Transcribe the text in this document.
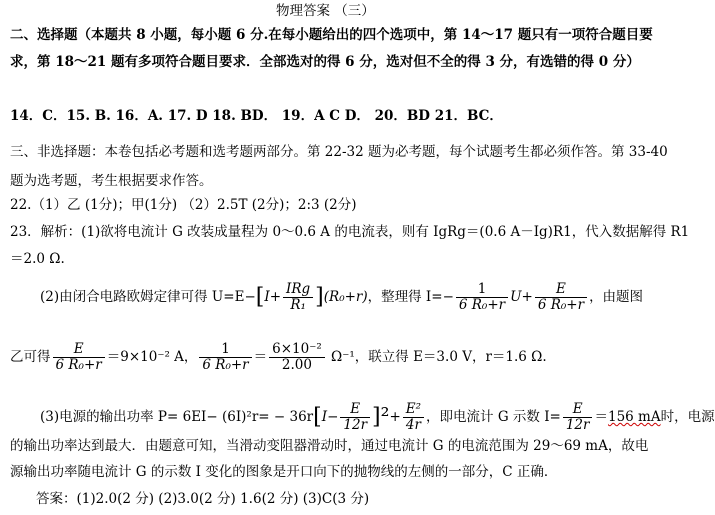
物理答案 （三）
二、选择题（本题共 8 小题，每小题 6 分.在每小题给出的四个选项中，第 14～17 题只有一项符合题目要
求，第 18～21 题有多项符合题目要求．全部选对的得 6 分，选对但不全的得 3 分，有选错的得 0 分）
14．C．15. B. 16．A. 17. D 18. BD． 19．A C D． 20．BD 21．BC．
三、非选择题：本卷包括必考题和选考题两部分。第 22-32 题为必考题，每个试题考生都必须作答。第 33-40
题为选考题，考生根据要求作答。
22.（1）乙 (1分)；甲(1分) （2）2.5T (2分)；2:3 (2分)
23．解析：(1)欲将电流计 G 改装成量程为 0～0.6 A 的电流表，则有 IgRg＝(0.6 A－Ig)R1，代入数据解得 R1
＝2.0 Ω.
(2)由闭合电路欧姆定律可得 $U=E-[I+ \frac{\text{IRg}}{\text{R₁}} ](R_0+r)$，整理得 $I=- \frac{1}{\text{6 R₀+r}} U+ \frac{E}{\text{6 R₀+r}}$ ，由题图
乙可得 $\frac{E}{\text{6 R₀+r}} =9\times 10^{-2}$ A， $\frac{1}{\text{6 R₀+r}} = \frac{\text{6×10⁻²}}{2.00} \Omega^{-1}$，联立得 E＝3.0 V，r＝1.6 Ω.
(3)电源的输出功率 $P= 6EI- (6I)^2r= - 36r[I- \frac{E}{12r} ]^2+ \frac{\text{E²}}{4r}$ ，即电流计 G 示数 $I= \frac{E}{12r} =156$ mA时，电源
的输出功率达到最大．由题意可知，当滑动变阻器滑动时，通过电流计 G 的电流范围为 29～69 mA，故电
源输出功率随电流计 G 的示数 I 变化的图象是开口向下的抛物线的左侧的一部分，C 正确．
答案：(1)2.0(2 分) (2)3.0(2 分) 1.6(2 分) (3)C(3 分)
